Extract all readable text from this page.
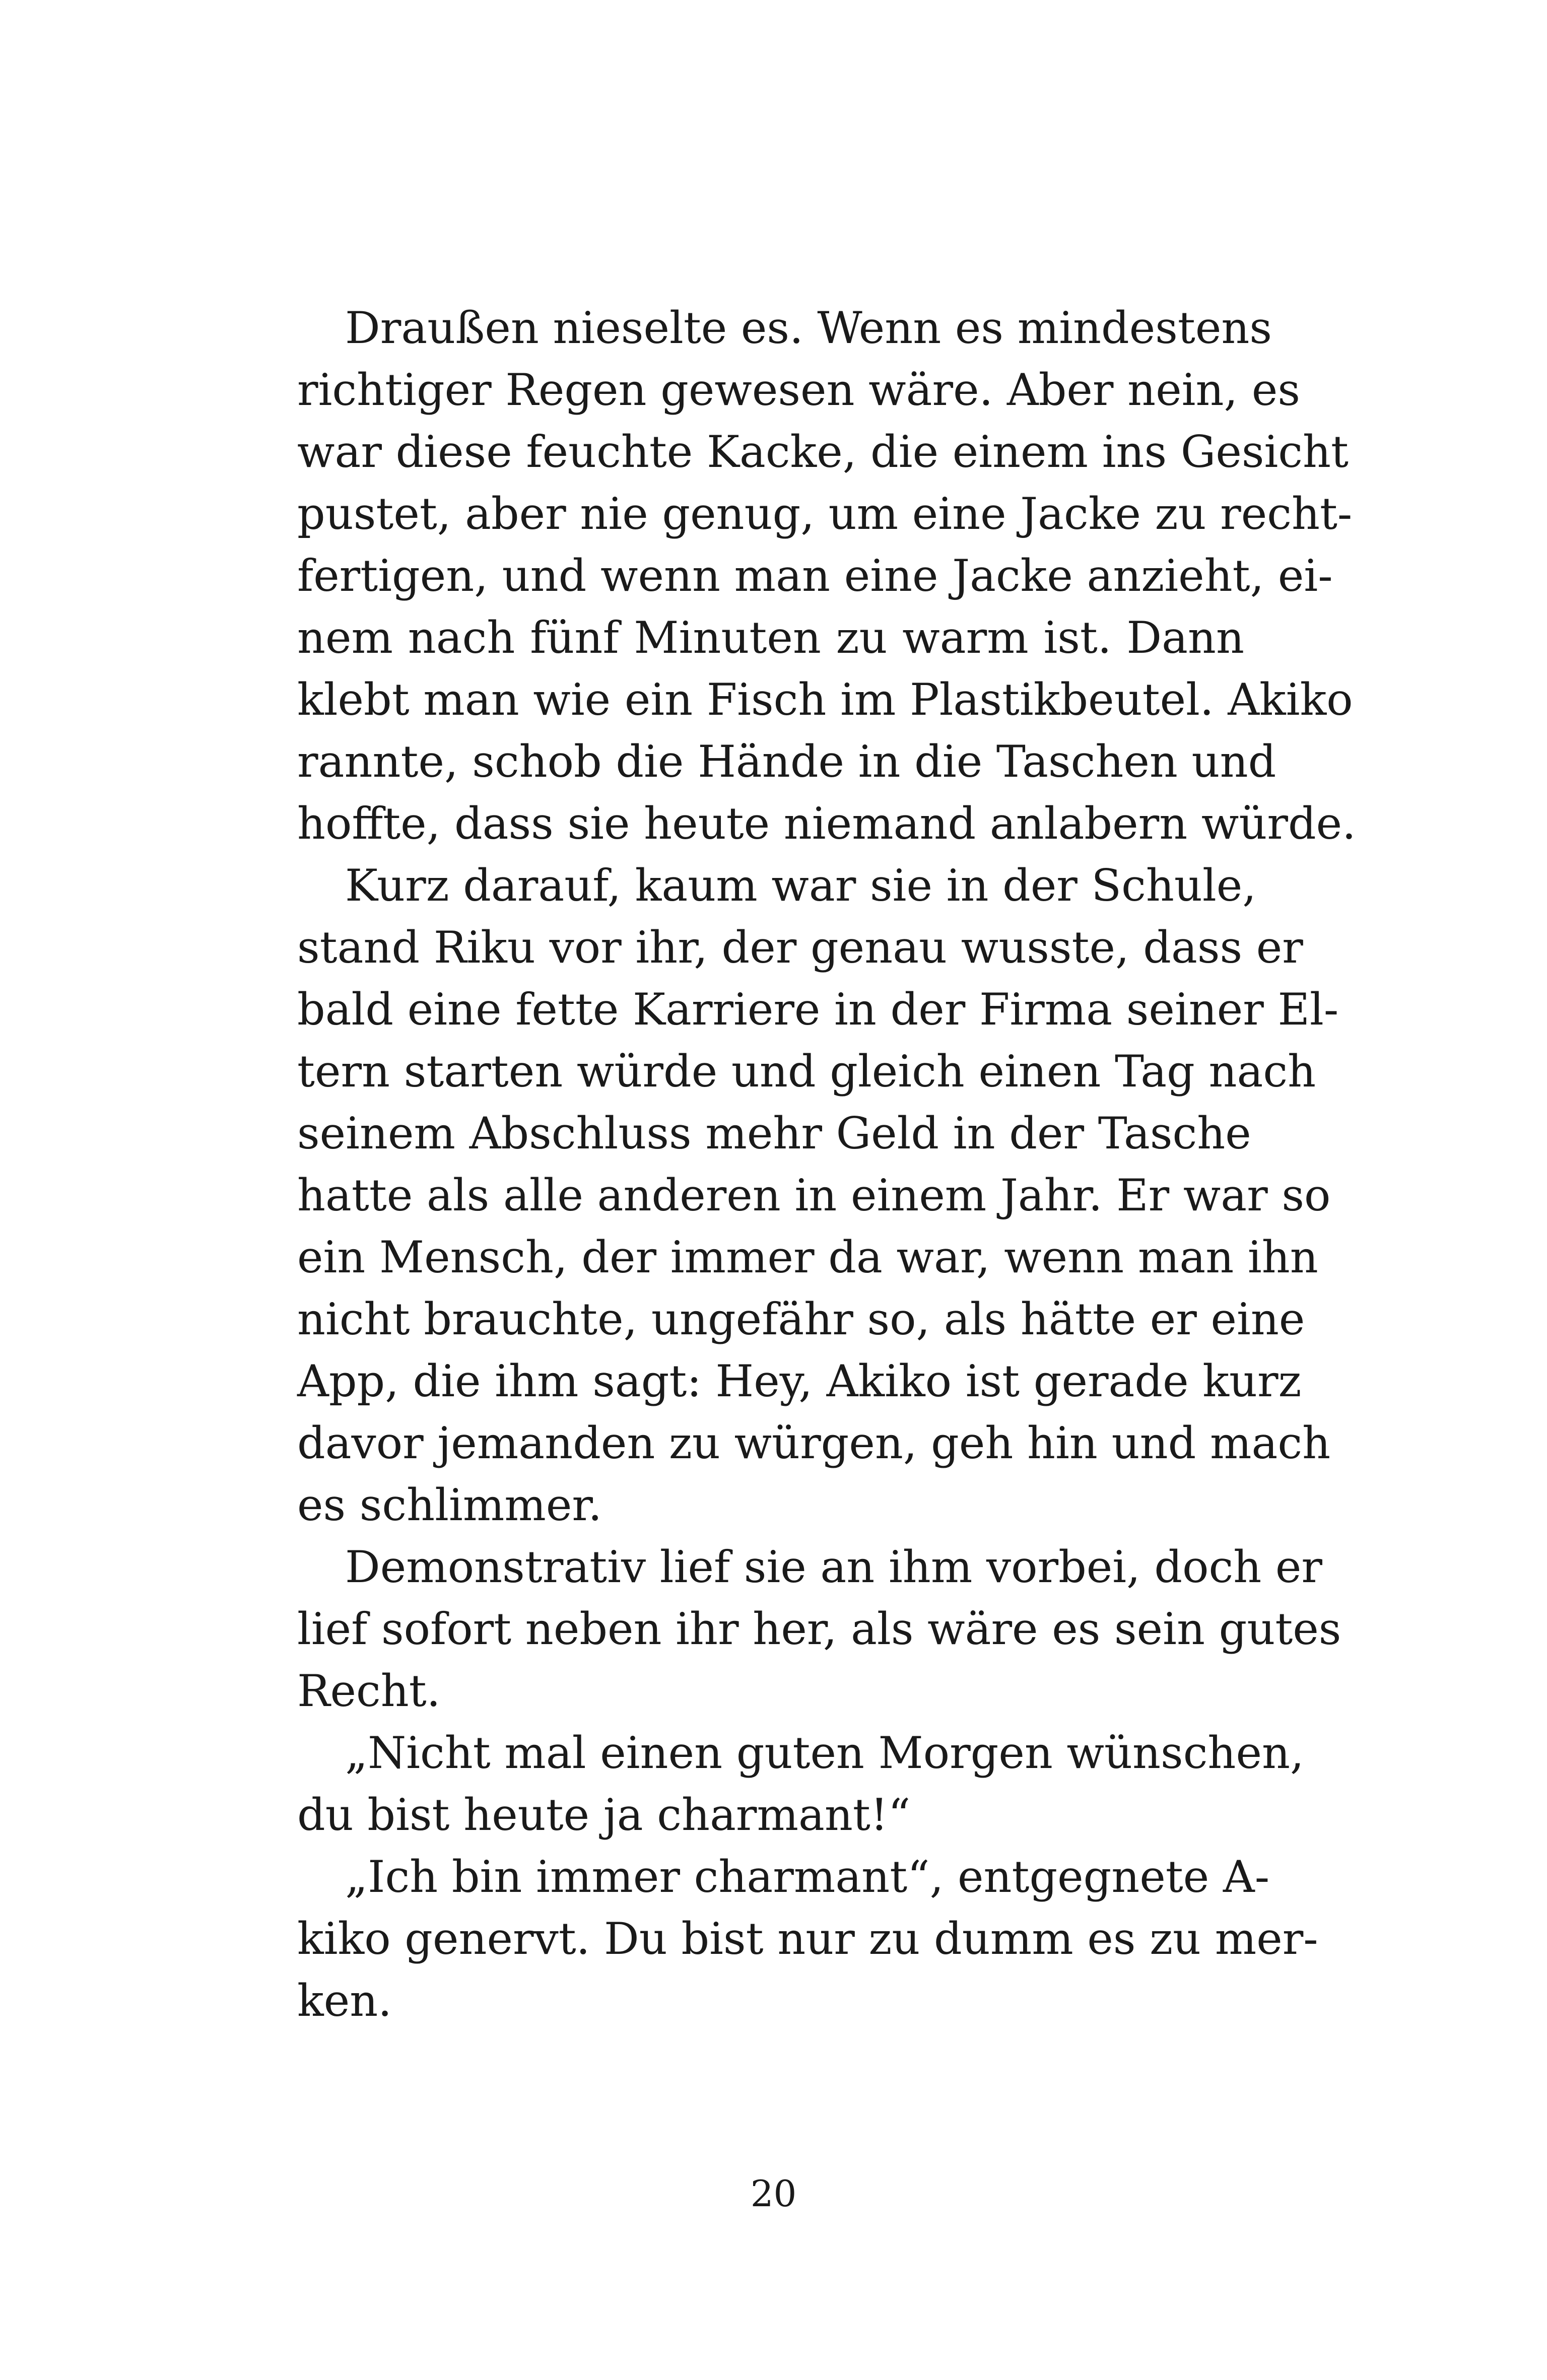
Draußen nieselte es. Wenn es mindestens
richtiger Regen gewesen wäre. Aber nein, es
war diese feuchte Kacke, die einem ins Gesicht
pustet, aber nie genug, um eine Jacke zu recht-
fertigen, und wenn man eine Jacke anzieht, ei-
nem nach fünf Minuten zu warm ist. Dann
klebt man wie ein Fisch im Plastikbeutel. Akiko
rannte, schob die Hände in die Taschen und
hoffte, dass sie heute niemand anlabern würde.
Kurz darauf, kaum war sie in der Schule,
stand Riku vor ihr, der genau wusste, dass er
bald eine fette Karriere in der Firma seiner El-
tern starten würde und gleich einen Tag nach
seinem Abschluss mehr Geld in der Tasche
hatte als alle anderen in einem Jahr. Er war so
ein Mensch, der immer da war, wenn man ihn
nicht brauchte, ungefähr so, als hätte er eine
App, die ihm sagt: Hey, Akiko ist gerade kurz
davor jemanden zu würgen, geh hin und mach
es schlimmer.
Demonstrativ lief sie an ihm vorbei, doch er
lief sofort neben ihr her, als wäre es sein gutes
Recht.
„Nicht mal einen guten Morgen wünschen,
du bist heute ja charmant!“
„Ich bin immer charmant“, entgegnete A-
kiko genervt. Du bist nur zu dumm es zu mer-
ken.
20
